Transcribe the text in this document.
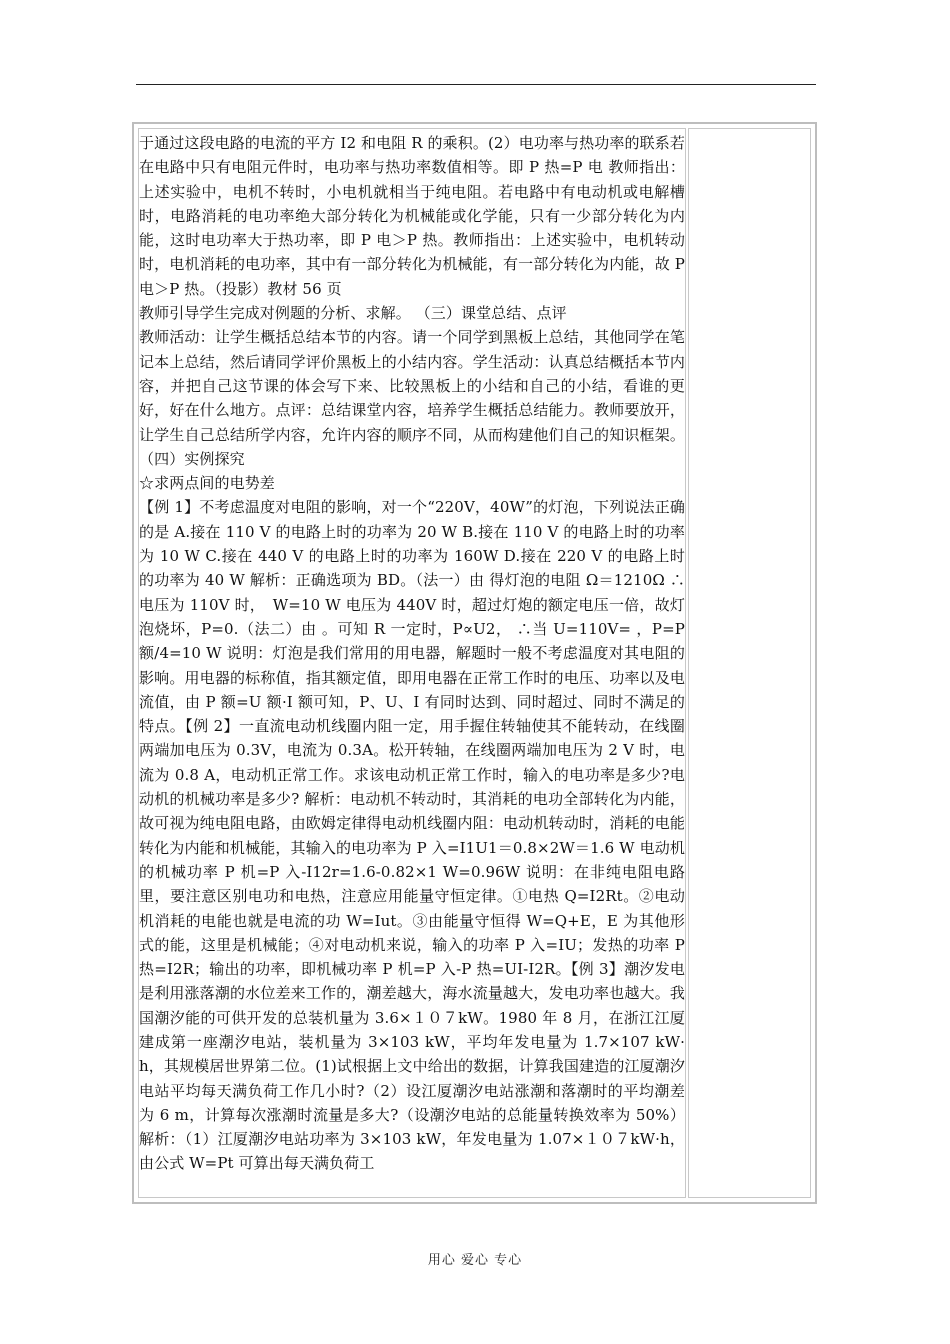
于通过这段电路的电流的平方 I2 和电阻 R 的乘积。(2）电功率与热功率的联系若在电路中只有电阻元件时，电功率与热功率数值相等。即 P 热=P 电 教师指出：上述实验中，电机不转时，小电机就相当于纯电阻。若电路中有电动机或电解槽时，电路消耗的电功率绝大部分转化为机械能或化学能，只有一少部分转化为内能，这时电功率大于热功率，即 P 电＞P 热。教师指出：上述实验中，电机转动时，电机消耗的电功率，其中有一部分转化为机械能，有一部分转化为内能，故 P 电＞P 热。（投影）教材 56 页

教师引导学生完成对例题的分析、求解。 （三）课堂总结、点评

教师活动：让学生概括总结本节的内容。请一个同学到黑板上总结，其他同学在笔记本上总结，然后请同学评价黑板上的小结内容。学生活动：认真总结概括本节内容，并把自己这节课的体会写下来、比较黑板上的小结和自己的小结，看谁的更好，好在什么地方。点评：总结课堂内容，培养学生概括总结能力。教师要放开，让学生自己总结所学内容，允许内容的顺序不同，从而构建他们自己的知识框架。 （四）实例探究

☆求两点间的电势差

【例 1】不考虑温度对电阻的影响，对一个“220V，40W”的灯泡，下列说法正确的是 A.接在 110 V 的电路上时的功率为 20 W B.接在 110 V 的电路上时的功率为 10 W C.接在 440 V 的电路上时的功率为 160W D.接在 220 V 的电路上时的功率为 40 W 解析：正确选项为 BD。（法一）由 得灯泡的电阻 Ω＝1210Ω ∴电压为 110V 时，　W=10 W 电压为 440V 时，超过灯炮的额定电压一倍，故灯泡烧坏，P=0.（法二）由 。可知 R 一定时，P∝U2， ∴当 U=110V= ，P=P 额/4=10 W 说明：灯泡是我们常用的用电器，解题时一般不考虑温度对其电阻的影响。用电器的标称值，指其额定值，即用电器在正常工作时的电压、功率以及电流值，由 P 额=U 额·I 额可知，P、U、I 有同时达到、同时超过、同时不满足的特点。【例 2】一直流电动机线圈内阻一定，用手握住转轴使其不能转动，在线圈两端加电压为 0.3V，电流为 0.3A。松开转轴，在线圈两端加电压为 2 V 时，电流为 0.8 A，电动机正常工作。求该电动机正常工作时，输入的电功率是多少?电动机的机械功率是多少? 解析：电动机不转动时，其消耗的电功全部转化为内能，故可视为纯电阻电路，由欧姆定律得电动机线圈内阻：电动机转动时，消耗的电能转化为内能和机械能，其输入的电功率为 P 入=I1U1＝0.8×2W＝1.6 W 电动机的机械功率 P 机=P 入-I12r=1.6-0.82×1 W=0.96W 说明：在非纯电阻电路里，要注意区别电功和电热，注意应用能量守恒定律。①电热 Q=I2Rt。②电动机消耗的电能也就是电流的功 W=Iut。③由能量守恒得 W=Q+E，E 为其他形式的能，这里是机械能；④对电动机来说，输入的功率 P 入=IU；发热的功率 P 热=I2R；输出的功率，即机械功率 P 机=P 入-P 热=UI-I2R。【例 3】潮汐发电是利用涨落潮的水位差来工作的，潮差越大，海水流量越大，发电功率也越大。我国潮汐能的可供开发的总装机量为 3.6×１０７kW。1980 年 8 月，在浙江江厦建成第一座潮汐电站，装机量为 3×103 kW，平均年发电量为 1.7×107 kW·h，其规模居世界第二位。(1)试根据上文中给出的数据，计算我国建造的江厦潮汐电站平均每天满负荷工作几小时?（2）设江厦潮汐电站涨潮和落潮时的平均潮差为 6 m，计算每次涨潮时流量是多大?（设潮汐电站的总能量转换效率为 50%）解析：（1）江厦潮汐电站功率为 3×103 kW，年发电量为 1.07×１０７kW·h，由公式 W=Pt 可算出每天满负荷工

用心 爱心 专心
